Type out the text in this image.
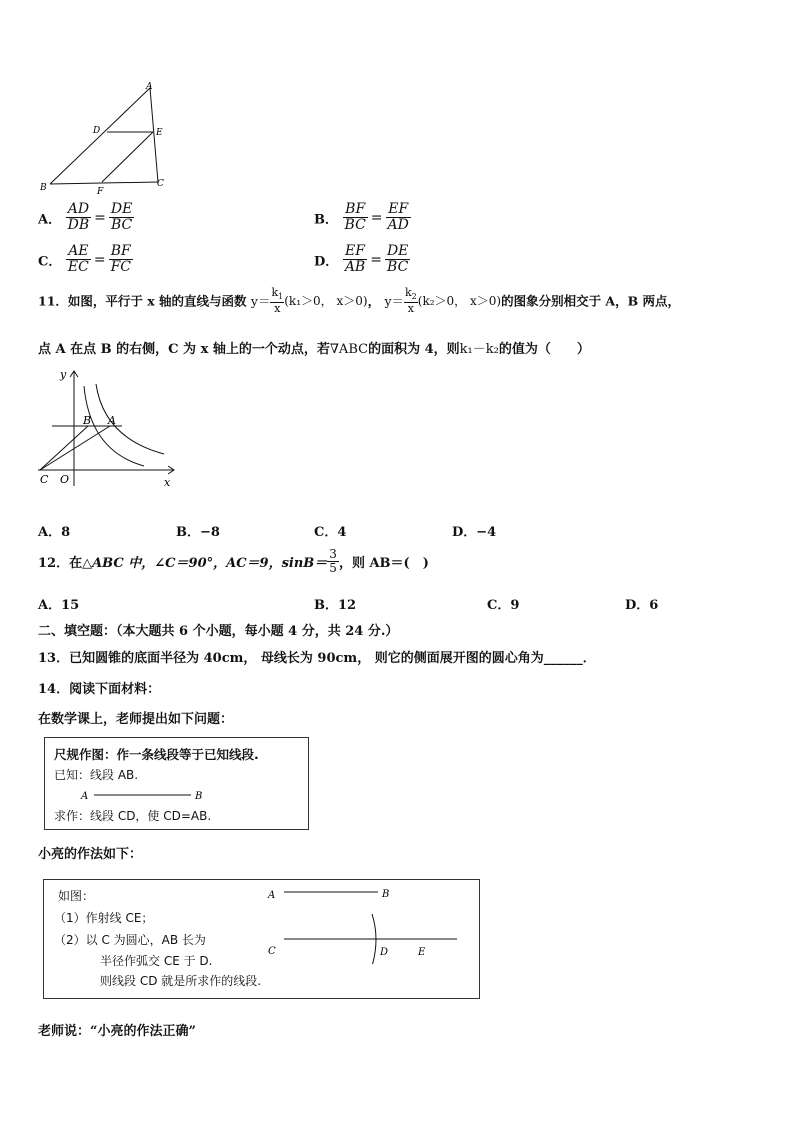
A
D	E
B	F
C
A． $\frac{AD}{DB} = \frac{DE}{BC}$	B． $\frac{BF}{BC} = \frac{EF}{AD}$
C． $\frac{AE}{EC} = \frac{BF}{FC}$	D． $\frac{EF}{AB} = \frac{DE}{BC}$
11．如图，平行于 x 轴的直线与函数 $y= \frac{k_1}{x} (k_1>0$， x＞0)， $y= \frac{k_2}{x} (k_2>0$， x＞0)的图象分别相交于 A，B 两点，
点 A 在点 B 的右侧，C 为 x 轴上的一个动点，若∇ABC的面积为 4，则k₁－k₂的值为（　　）
y
x
B A
C O
A．8	B．−8	C．4	D．−4
12．在△ABC 中，∠C＝90°，AC＝9，$\sin B= \frac{3}{5}$ ，则 AB＝(　)
A．15	B．12	C．9	D．6
二、填空题：（本大题共 6 个小题，每小题 4 分，共 24 分.）
13．已知圆锥的底面半径为 40cm， 母线长为 90cm， 则它的侧面展开图的圆心角为______．
14．阅读下面材料：
在数学课上，老师提出如下问题：
尺规作图：作一条线段等于已知线段.
已知：线段 AB.
A	B
求作：线段 CD，使 CD=AB.
小亮的作法如下：
如图：
（1）作射线 CE；
（2）以 C 为圆心，AB 长为
半径作弧交 CE 于 D.
则线段 CD 就是所求作的线段.
A	B
C	D	E
老师说：“小亮的作法正确”
